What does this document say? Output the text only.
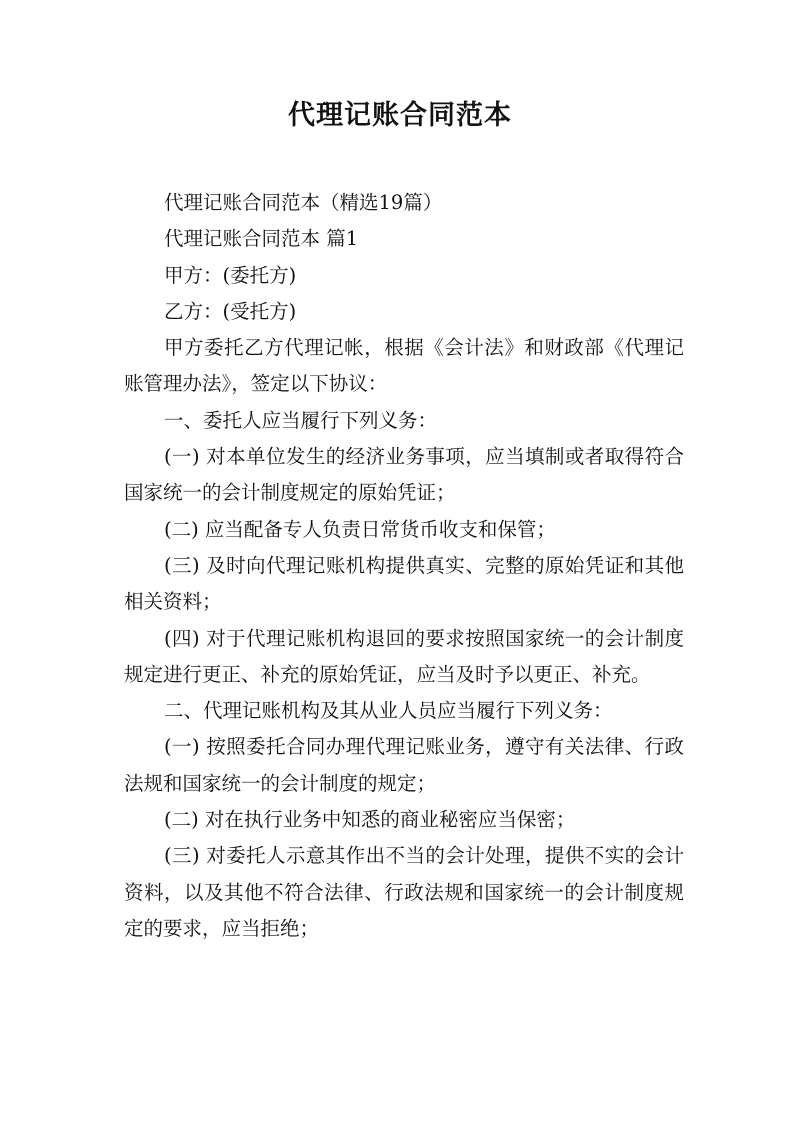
代理记账合同范本

代理记账合同范本（精选19篇）

代理记账合同范本 篇1

甲方：(委托方)

乙方：(受托方)

甲方委托乙方代理记帐，根据《会计法》和财政部《代理记账管理办法》，签定以下协议：

一、委托人应当履行下列义务：

(一) 对本单位发生的经济业务事项，应当填制或者取得符合国家统一的会计制度规定的原始凭证；

(二) 应当配备专人负责日常货币收支和保管；

(三) 及时向代理记账机构提供真实、完整的原始凭证和其他相关资料；

(四) 对于代理记账机构退回的要求按照国家统一的会计制度规定进行更正、补充的原始凭证，应当及时予以更正、补充。

二、代理记账机构及其从业人员应当履行下列义务：

(一) 按照委托合同办理代理记账业务，遵守有关法律、行政法规和国家统一的会计制度的规定；

(二) 对在执行业务中知悉的商业秘密应当保密；

(三) 对委托人示意其作出不当的会计处理，提供不实的会计资料，以及其他不符合法律、行政法规和国家统一的会计制度规定的要求，应当拒绝；
